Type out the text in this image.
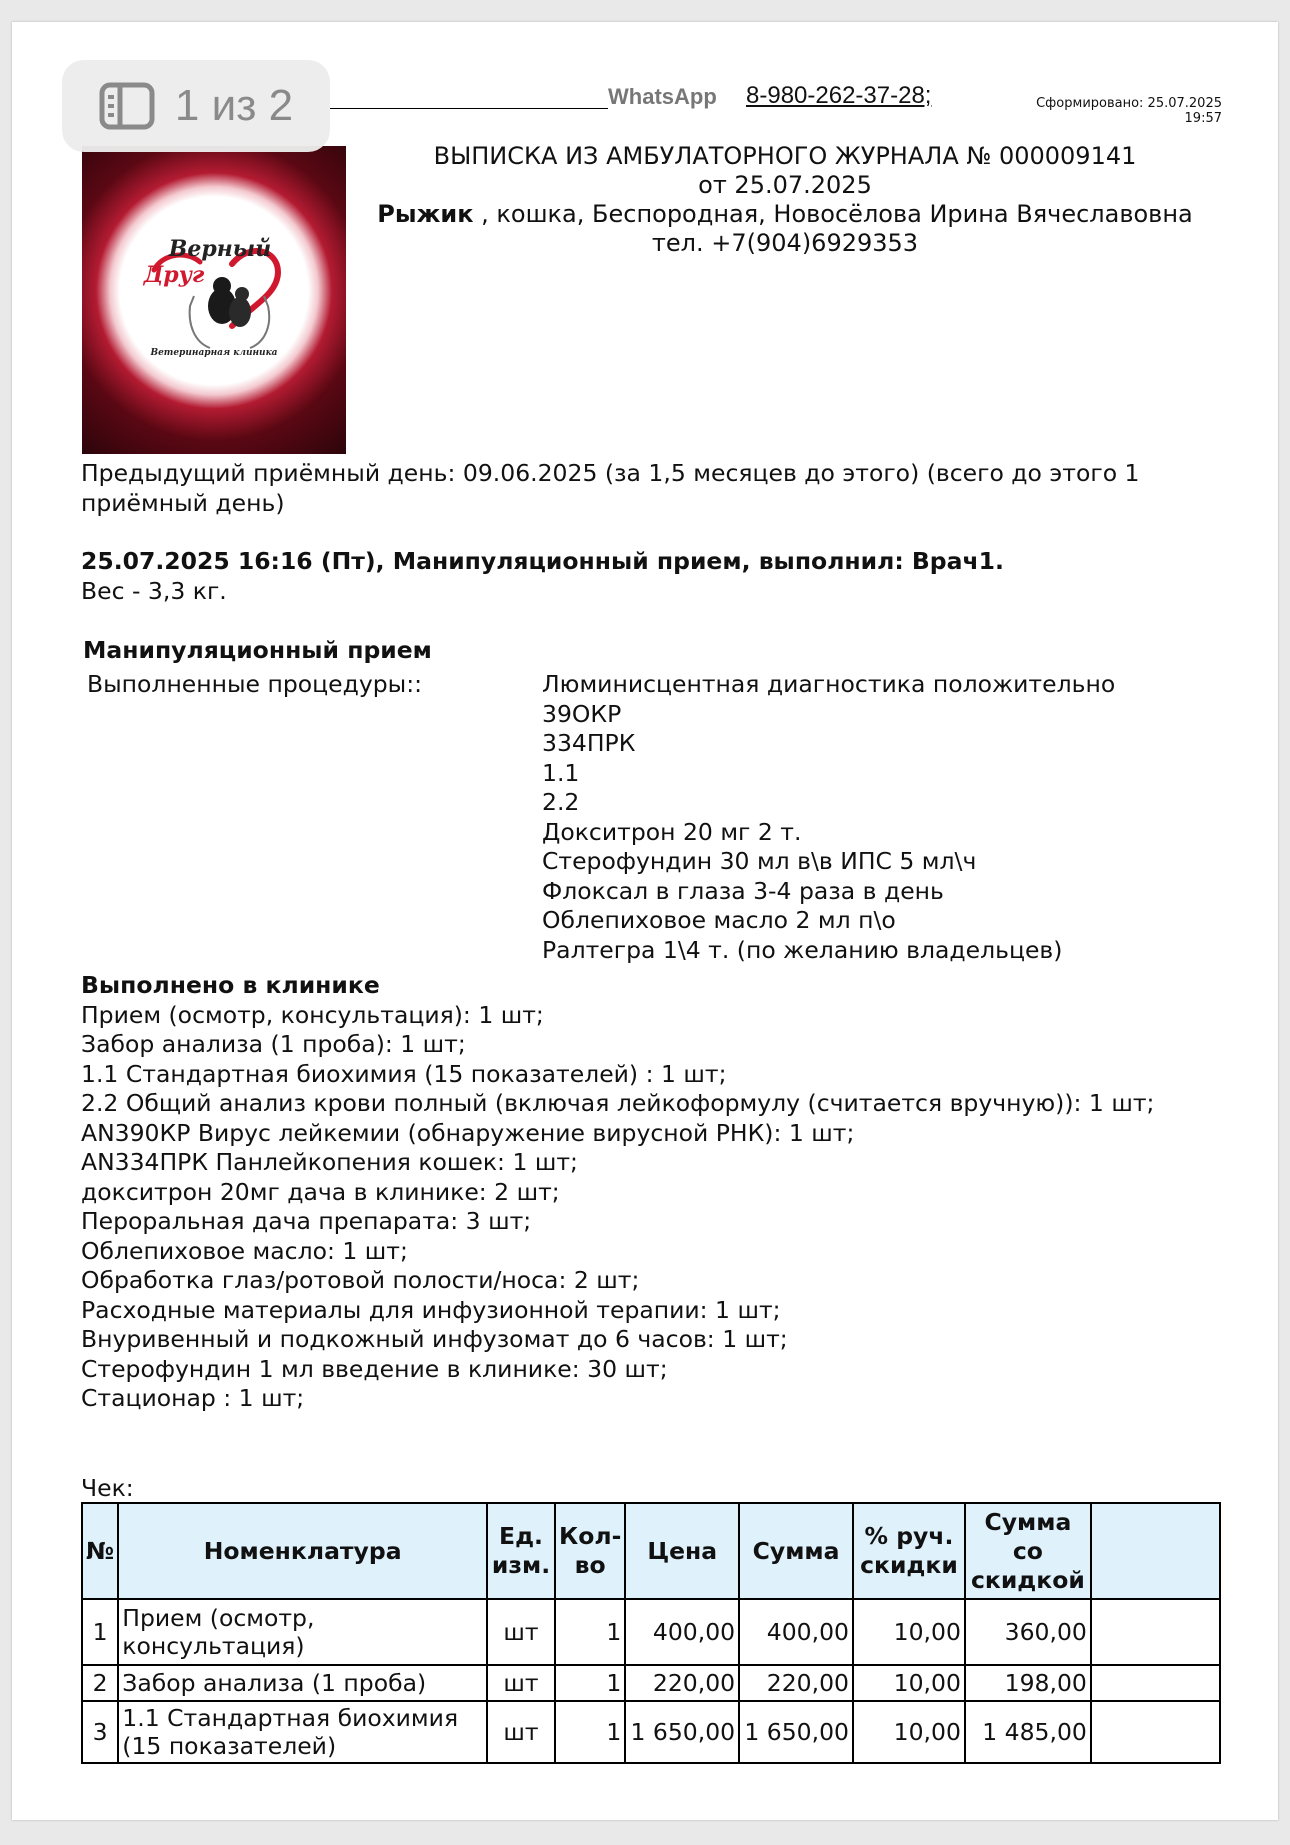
WhatsApp 8-980-262-37-28;	Сформировано: 25.07.2025
19:57
Верный
Друг
Ветеринарная клиника
1 из 2
ВЫПИСКА ИЗ АМБУЛАТОРНОГО ЖУРНАЛА № 000009141
от 25.07.2025
Рыжик , кошка, Беспородная, Новосёлова Ирина Вячеславовна
тел. +7(904)6929353
Предыдущий приёмный день: 09.06.2025 (за 1,5 месяцев до этого) (всего до этого 1
приёмный день)
25.07.2025 16:16 (Пт), Манипуляционный прием, выполнил: Врач1.
Вес - 3,3 кг.
Манипуляционный прием
Выполненные процедуры::	Люминисцентная диагностика положительно
39ОКР
334ПРК
1.1
2.2
Докситрон 20 мг 2 т.
Стерофундин 30 мл в\в ИПС 5 мл\ч
Флоксал в глаза 3-4 раза в день
Облепиховое масло 2 мл п\о
Ралтегра 1\4 т. (по желанию владельцев)
Выполнено в клинике
Прием (осмотр, консультация): 1 шт;
Забор анализа (1 проба): 1 шт;
1.1 Стандартная биохимия (15 показателей) : 1 шт;
2.2 Общий анализ крови полный (включая лейкоформулу (считается вручную)): 1 шт;
AN390КР Вирус лейкемии (обнаружение вирусной РНК): 1 шт;
AN334ПРК Панлейкопения кошек: 1 шт;
докситрон 20мг дача в клинике: 2 шт;
Пероральная дача препарата: 3 шт;
Облепиховое масло: 1 шт;
Обработка глаз/ротовой полости/носа: 2 шт;
Расходные материалы для инфузионной терапии: 1 шт;
Внуривенный и подкожный инфузомат до 6 часов: 1 шт;
Стерофундин 1 мл введение в клинике: 30 шт;
Стационар : 1 шт;
Чек:
№	Номенклатура	Ед. изм.	Кол-во	Цена	Сумма	% руч. скидки	Сумма со скидкой	
1	Прием (осмотр, консультация)	шт	1	400,00	400,00	10,00	360,00	
2	Забор анализа (1 проба)	шт	1	220,00	220,00	10,00	198,00	
3	1.1 Стандартная биохимия (15 показателей)	шт	1	1 650,00	1 650,00	10,00	1 485,00	
